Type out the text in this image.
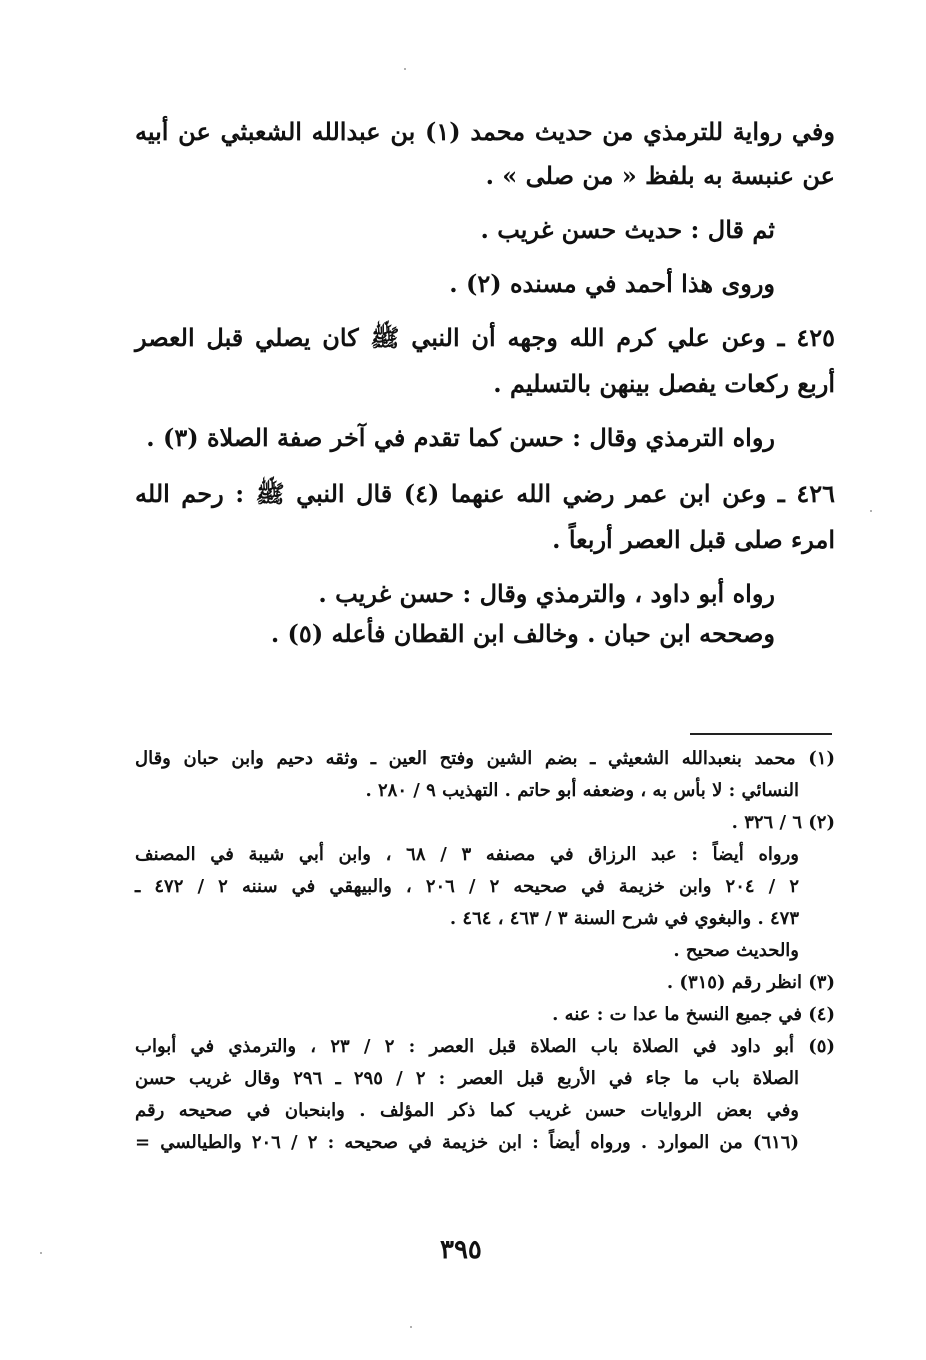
وفي رواية للترمذي من حديث محمد (١) بن عبدالله الشعبثي عن أبيه
عن عنبسة به بلفظ « من صلى » .
ثم قال : حديث حسن غريب .
وروى هذا أحمد في مسنده (٢) .
٤٢٥ ـ وعن علي كرم الله وجهه أن النبي ﷺ كان يصلي قبل العصر
أربع ركعات يفصل بينهن بالتسليم .
رواه الترمذي وقال : حسن كما تقدم في آخر صفة الصلاة (٣) .
٤٢٦ ـ وعن ابن عمر رضي الله عنهما (٤) قال النبي ﷺ : رحم الله
امرء صلى قبل العصر أربعاً .
رواه أبو داود ، والترمذي وقال : حسن غريب .
وصححه ابن حبان . وخالف ابن القطان فأعله (٥) .
(١) محمد بنعبدالله الشعيثي ـ بضم الشين وفتح العين ـ وثقه دحيم وابن حبان وقال
النسائي : لا بأس به ، وضعفه أبو حاتم . التهذيب ٩ / ٢٨٠ .
(٢) ٦ / ٣٢٦ .
ورواه أيضاً : عبد الرزاق في مصنفه ٣ / ٦٨ ، وابن أبي شيبة في المصنف
٢ / ٢٠٤ وابن خزيمة في صحيحه ٢ / ٢٠٦ ، والبيهقي في سننه ٢ / ٤٧٢ ـ
٤٧٣ . والبغوي في شرح السنة ٣ / ٤٦٣ ، ٤٦٤ .
والحديث صحيح .
(٣) انظر رقم (٣١٥) .
(٤) في جميع النسخ ما عدا ت : عنه .
(٥) أبو داود في الصلاة باب الصلاة قبل العصر : ٢ / ٢٣ ، والترمذي في أبواب
الصلاة باب ما جاء في الأربع قبل العصر : ٢ / ٢٩٥ ـ ٢٩٦ وقال غريب حسن
وفي بعض الروايات حسن غريب كما ذكر المؤلف . وابنحبان في صحيحه رقم
(٦١٦) من الموارد . ورواه أيضاً : ابن خزيمة في صحيحه : ٢ / ٢٠٦ والطيالسي =
٣٩٥
